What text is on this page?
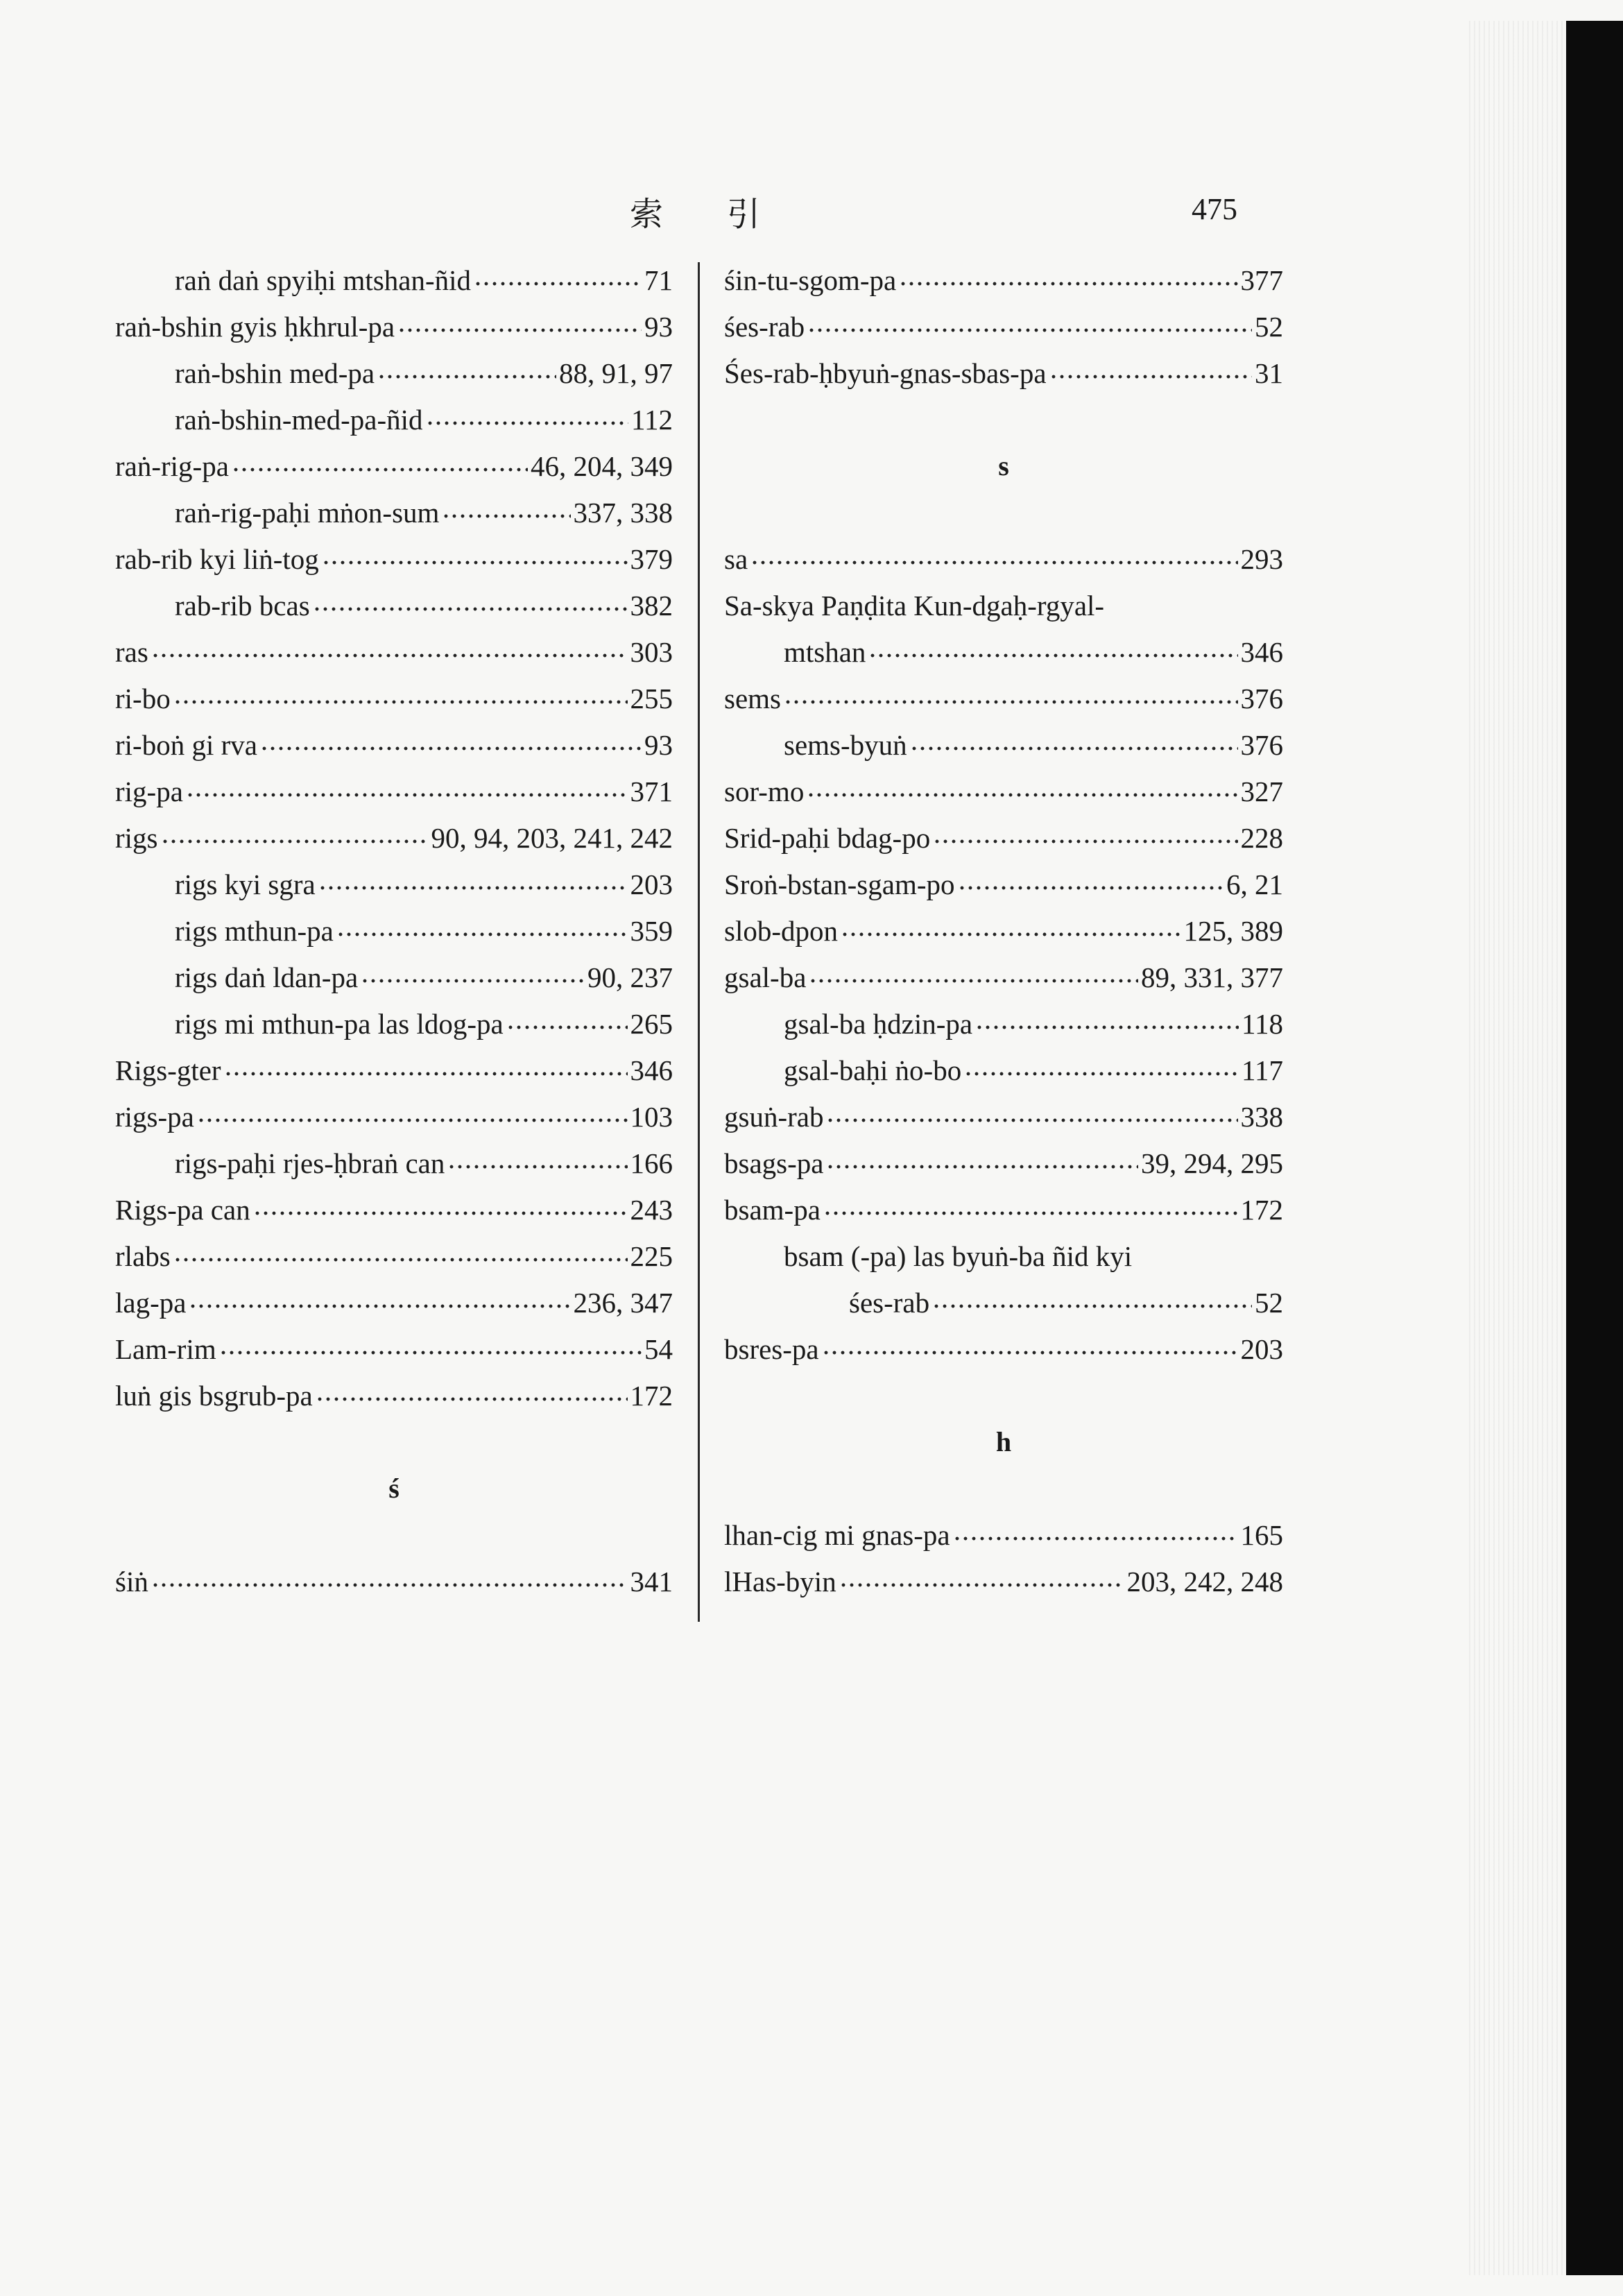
索 引	475
raṅ daṅ spyiḥi mtshan-ñid	71
raṅ-bshin gyis ḥkhrul-pa	93
raṅ-bshin med-pa	88, 91, 97
raṅ-bshin-med-pa-ñid	112
raṅ-rig-pa	46, 204, 349
raṅ-rig-paḥi mṅon-sum	337, 338
rab-rib kyi liṅ-tog	379
rab-rib bcas	382
ras	303
ri-bo	255
ri-boṅ gi rva	93
rig-pa	371
rigs	90, 94, 203, 241, 242
rigs kyi sgra	203
rigs mthun-pa	359
rigs daṅ ldan-pa	90, 237
rigs mi mthun-pa las ldog-pa	265
Rigs-gter	346
rigs-pa	103
rigs-paḥi rjes-ḥbraṅ can	166
Rigs-pa can	243
rlabs	225
lag-pa	236, 347
Lam-rim	54
luṅ gis bsgrub-pa	172
ś
śiṅ	341
śin-tu-sgom-pa	377
śes-rab	52
Śes-rab-ḥbyuṅ-gnas-sbas-pa	31
s
sa	293
Sa-skya Paṇḍita Kun-dgaḥ-rgyal-
mtshan	346
sems	376
sems-byuṅ	376
sor-mo	327
Srid-paḥi bdag-po	228
Sroṅ-bstan-sgam-po	6, 21
slob-dpon	125, 389
gsal-ba	89, 331, 377
gsal-ba ḥdzin-pa	118
gsal-baḥi ṅo-bo	117
gsuṅ-rab	338
bsags-pa	39, 294, 295
bsam-pa	172
bsam (-pa) las byuṅ-ba ñid kyi
śes-rab	52
bsres-pa	203
h
lhan-cig mi gnas-pa	165
lHas-byin	203, 242, 248
